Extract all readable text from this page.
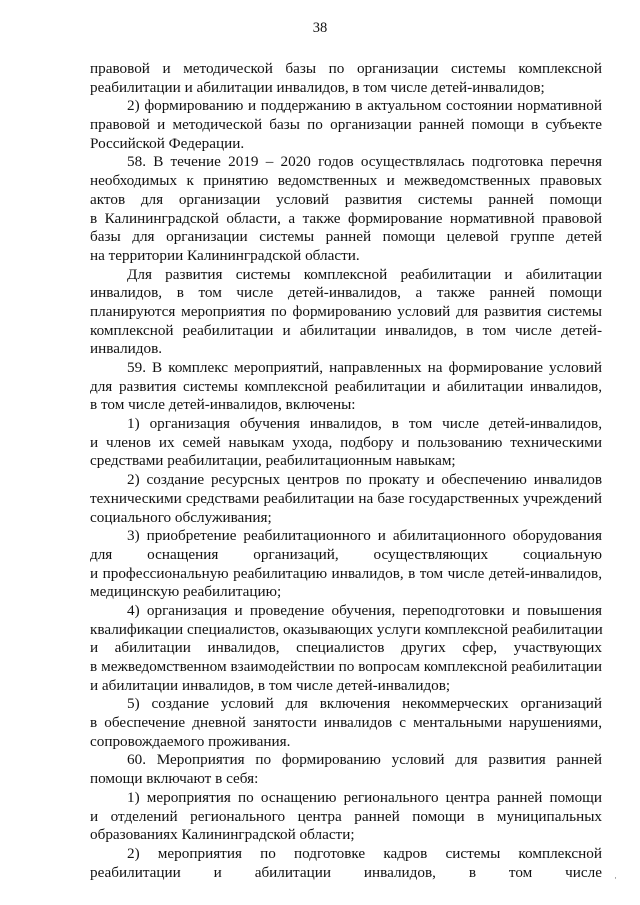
38
правовой и методической базы по организации системы комплексной
реабилитации и абилитации инвалидов, в том числе детей-инвалидов;
2) формированию и поддержанию в актуальном состоянии нормативной
правовой и методической базы по организации ранней помощи в субъекте
Российской Федерации.
58. В течение 2019 – 2020 годов осуществлялась подготовка перечня
необходимых к принятию ведомственных и межведомственных правовых
актов для организации условий развития системы ранней помощи
в Калининградской области, а также формирование нормативной правовой
базы для организации системы ранней помощи целевой группе детей
на территории Калининградской области.
Для развития системы комплексной реабилитации и абилитации
инвалидов, в том числе детей-инвалидов, а также ранней помощи
планируются мероприятия по формированию условий для развития системы
комплексной реабилитации и абилитации инвалидов, в том числе детей-
инвалидов.
59. В комплекс мероприятий, направленных на формирование условий
для развития системы комплексной реабилитации и абилитации инвалидов,
в том числе детей-инвалидов, включены:
1) организация обучения инвалидов, в том числе детей-инвалидов,
и членов их семей навыкам ухода, подбору и пользованию техническими
средствами реабилитации, реабилитационным навыкам;
2) создание ресурсных центров по прокату и обеспечению инвалидов
техническими средствами реабилитации на базе государственных учреждений
социального обслуживания;
3) приобретение реабилитационного и абилитационного оборудования
для оснащения организаций, осуществляющих социальную
и профессиональную реабилитацию инвалидов, в том числе детей-инвалидов,
медицинскую реабилитацию;
4) организация и проведение обучения, переподготовки и повышения
квалификации специалистов, оказывающих услуги комплексной реабилитации
и абилитации инвалидов, специалистов других сфер, участвующих
в межведомственном взаимодействии по вопросам комплексной реабилитации
и абилитации инвалидов, в том числе детей-инвалидов;
5) создание условий для включения некоммерческих организаций
в обеспечение дневной занятости инвалидов с ментальными нарушениями,
сопровождаемого проживания.
60. Мероприятия по формированию условий для развития ранней
помощи включают в себя:
1) мероприятия по оснащению регионального центра ранней помощи
и отделений регионального центра ранней помощи в муниципальных
образованиях Калининградской области;
2) мероприятия по подготовке кадров системы комплексной
реабилитации и абилитации инвалидов, в том числе ·
